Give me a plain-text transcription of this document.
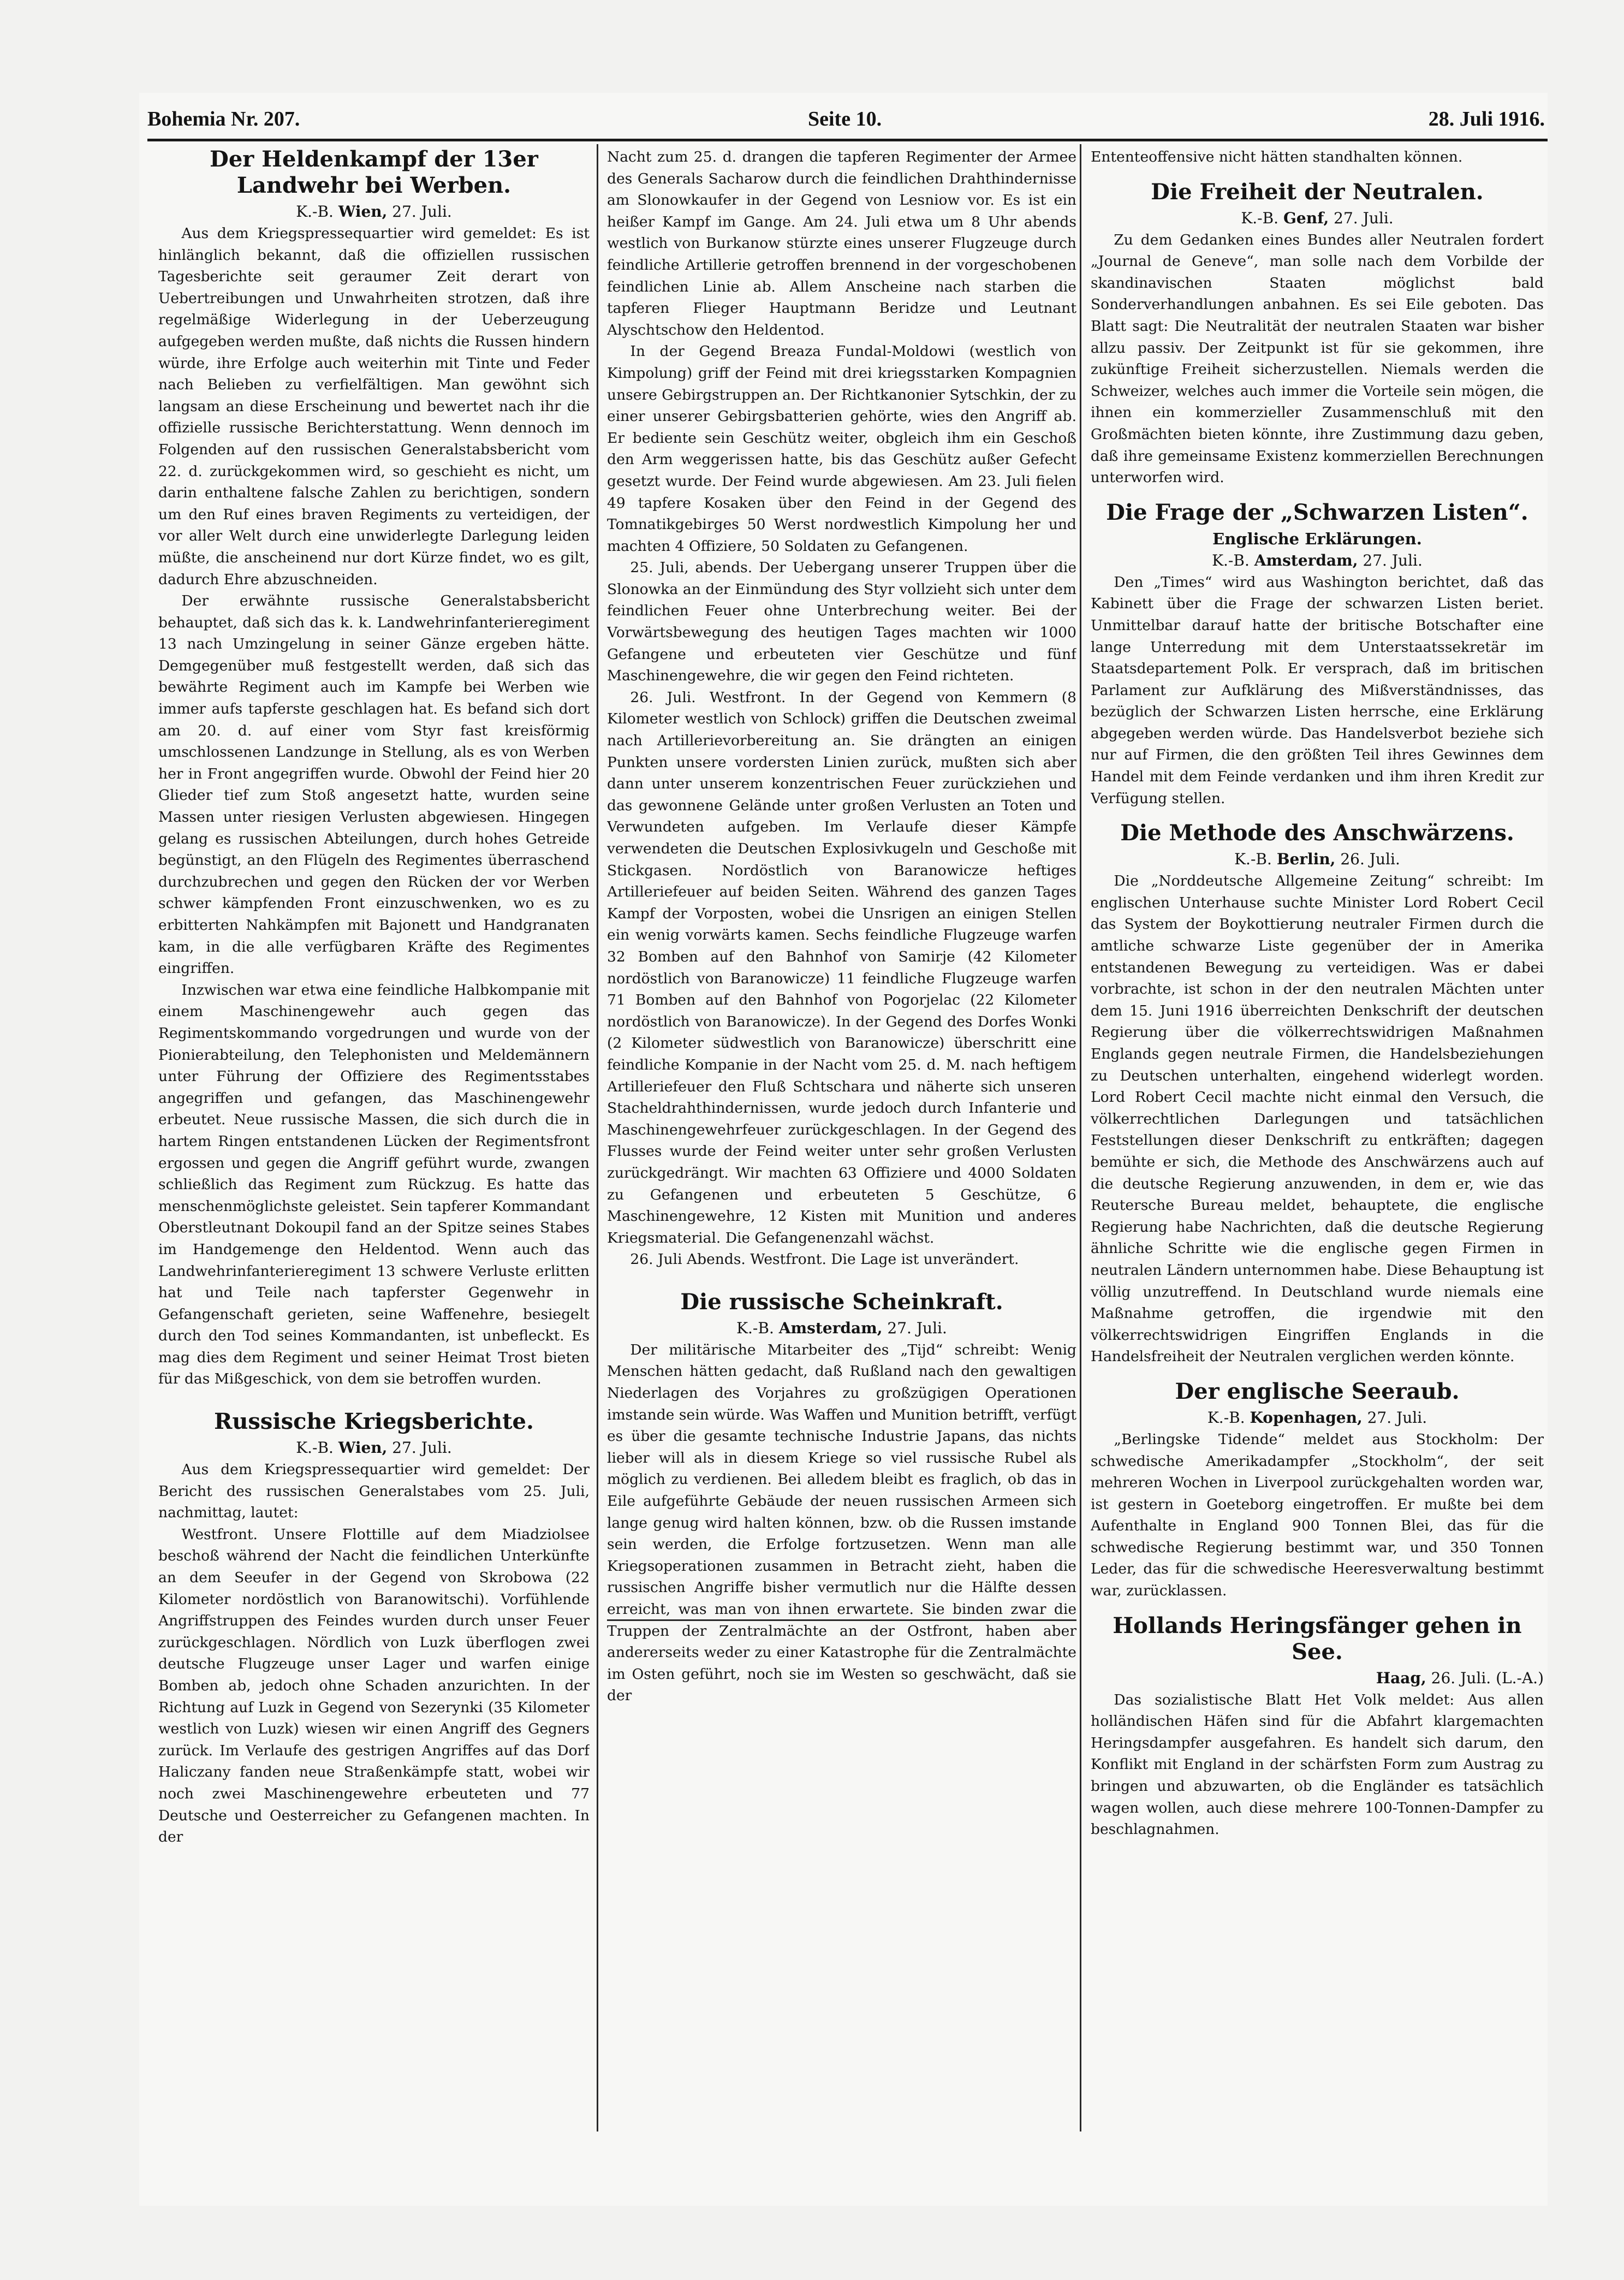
Bohemia Nr. 207.	Seite 10.	28. Juli 1916.
Der Heldenkampf der 13er Landwehr bei Werben.
K.-B. Wien, 27. Juli.

Aus dem Kriegspressequartier wird gemeldet: Es ist hinlänglich bekannt, daß die offiziellen russischen Tagesberichte seit geraumer Zeit derart von Uebertreibungen und Unwahrheiten strotzen, daß ihre regelmäßige Widerlegung in der Ueberzeugung aufgegeben werden mußte, daß nichts die Russen hindern würde, ihre Erfolge auch weiterhin mit Tinte und Feder nach Belieben zu verfielfältigen. Man gewöhnt sich langsam an diese Erscheinung und bewertet nach ihr die offizielle russische Berichterstattung. Wenn dennoch im Folgenden auf den russischen Generalstabsbericht vom 22. d. zurückgekommen wird, so geschieht es nicht, um darin enthaltene falsche Zahlen zu berichtigen, sondern um den Ruf eines braven Regiments zu verteidigen, der vor aller Welt durch eine unwiderlegte Darlegung leiden müßte, die anscheinend nur dort Kürze findet, wo es gilt, dadurch Ehre abzuschneiden.

Der erwähnte russische Generalstabsbericht behauptet, daß sich das k. k. Landwehrinfanterieregiment 13 nach Umzingelung in seiner Gänze ergeben hätte. Demgegenüber muß festgestellt werden, daß sich das bewährte Regiment auch im Kampfe bei Werben wie immer aufs tapferste geschlagen hat. Es befand sich dort am 20. d. auf einer vom Styr fast kreisförmig umschlossenen Landzunge in Stellung, als es von Werben her in Front angegriffen wurde. Obwohl der Feind hier 20 Glieder tief zum Stoß angesetzt hatte, wurden seine Massen unter riesigen Verlusten abgewiesen. Hingegen gelang es russischen Abteilungen, durch hohes Getreide begünstigt, an den Flügeln des Regimentes überraschend durchzubrechen und gegen den Rücken der vor Werben schwer kämpfenden Front einzuschwenken, wo es zu erbitterten Nahkämpfen mit Bajonett und Handgranaten kam, in die alle verfügbaren Kräfte des Regimentes eingriffen.

Inzwischen war etwa eine feindliche Halbkompanie mit einem Maschinengewehr auch gegen das Regimentskommando vorgedrungen und wurde von der Pionierabteilung, den Telephonisten und Meldemännern unter Führung der Offiziere des Regimentsstabes angegriffen und gefangen, das Maschinengewehr erbeutet. Neue russische Massen, die sich durch die in hartem Ringen entstandenen Lücken der Regimentsfront ergossen und gegen die Angriff geführt wurde, zwangen schließlich das Regiment zum Rückzug. Es hatte das menschenmöglichste geleistet. Sein tapferer Kommandant Oberstleutnant Dokoupil fand an der Spitze seines Stabes im Handgemenge den Heldentod. Wenn auch das Landwehrinfanterieregiment 13 schwere Verluste erlitten hat und Teile nach tapferster Gegenwehr in Gefangenschaft gerieten, seine Waffenehre, besiegelt durch den Tod seines Kommandanten, ist unbefleckt. Es mag dies dem Regiment und seiner Heimat Trost bieten für das Mißgeschick, von dem sie betroffen wurden.

Russische Kriegsberichte.
K.-B. Wien, 27. Juli.

Aus dem Kriegspressequartier wird gemeldet: Der Bericht des russischen Generalstabes vom 25. Juli, nachmittag, lautet:

Westfront. Unsere Flottille auf dem Miadziolsee beschoß während der Nacht die feindlichen Unterkünfte an dem Seeufer in der Gegend von Skrobowa (22 Kilometer nordöstlich von Baranowitschi). Vorfühlende Angriffstruppen des Feindes wurden durch unser Feuer zurückgeschlagen. Nördlich von Luzk überflogen zwei deutsche Flugzeuge unser Lager und warfen einige Bomben ab, jedoch ohne Schaden anzurichten. In der Richtung auf Luzk in Gegend von Sezerynki (35 Kilometer westlich von Luzk) wiesen wir einen Angriff des Gegners zurück. Im Verlaufe des gestrigen Angriffes auf das Dorf Haliczany fanden neue Straßenkämpfe statt, wobei wir noch zwei Maschinengewehre erbeuteten und 77 Deutsche und Oesterreicher zu Gefangenen machten. In der

Nacht zum 25. d. drangen die tapferen Regimenter der Armee des Generals Sacharow durch die feindlichen Drahthindernisse am Slonowkaufer in der Gegend von Lesniow vor. Es ist ein heißer Kampf im Gange. Am 24. Juli etwa um 8 Uhr abends westlich von Burkanow stürzte eines unserer Flugzeuge durch feindliche Artillerie getroffen brennend in der vorgeschobenen feindlichen Linie ab. Allem Anscheine nach starben die tapferen Flieger Hauptmann Beridze und Leutnant Alyschtschow den Heldentod.

In der Gegend Breaza Fundal-Moldowi (westlich von Kimpolung) griff der Feind mit drei kriegsstarken Kompagnien unsere Gebirgstruppen an. Der Richtkanonier Sytschkin, der zu einer unserer Gebirgsbatterien gehörte, wies den Angriff ab. Er bediente sein Geschütz weiter, obgleich ihm ein Geschoß den Arm weggerissen hatte, bis das Geschütz außer Gefecht gesetzt wurde. Der Feind wurde abgewiesen. Am 23. Juli fielen 49 tapfere Kosaken über den Feind in der Gegend des Tomnatikgebirges 50 Werst nordwestlich Kimpolung her und machten 4 Offiziere, 50 Soldaten zu Gefangenen.

25. Juli, abends. Der Uebergang unserer Truppen über die Slonowka an der Einmündung des Styr vollzieht sich unter dem feindlichen Feuer ohne Unterbrechung weiter. Bei der Vorwärtsbewegung des heutigen Tages machten wir 1000 Gefangene und erbeuteten vier Geschütze und fünf Maschinengewehre, die wir gegen den Feind richteten.

26. Juli. Westfront. In der Gegend von Kemmern (8 Kilometer westlich von Schlock) griffen die Deutschen zweimal nach Artillerievorbereitung an. Sie drängten an einigen Punkten unsere vordersten Linien zurück, mußten sich aber dann unter unserem konzentrischen Feuer zurückziehen und das gewonnene Gelände unter großen Verlusten an Toten und Verwundeten aufgeben. Im Verlaufe dieser Kämpfe verwendeten die Deutschen Explosivkugeln und Geschoße mit Stickgasen. Nordöstlich von Baranowicze heftiges Artilleriefeuer auf beiden Seiten. Während des ganzen Tages Kampf der Vorposten, wobei die Unsrigen an einigen Stellen ein wenig vorwärts kamen. Sechs feindliche Flugzeuge warfen 32 Bomben auf den Bahnhof von Samirje (42 Kilometer nordöstlich von Baranowicze) 11 feindliche Flugzeuge warfen 71 Bomben auf den Bahnhof von Pogorjelac (22 Kilometer nordöstlich von Baranowicze). In der Gegend des Dorfes Wonki (2 Kilometer südwestlich von Baranowicze) überschritt eine feindliche Kompanie in der Nacht vom 25. d. M. nach heftigem Artilleriefeuer den Fluß Schtschara und näherte sich unseren Stacheldrahthindernissen, wurde jedoch durch Infanterie und Maschinengewehrfeuer zurückgeschlagen. In der Gegend des Flusses wurde der Feind weiter unter sehr großen Verlusten zurückgedrängt. Wir machten 63 Offiziere und 4000 Soldaten zu Gefangenen und erbeuteten 5 Geschütze, 6 Maschinengewehre, 12 Kisten mit Munition und anderes Kriegsmaterial. Die Gefangenenzahl wächst.

26. Juli Abends. Westfront. Die Lage ist unverändert.

Die russische Scheinkraft.
K.-B. Amsterdam, 27. Juli.

Der militärische Mitarbeiter des „Tijd“ schreibt: Wenig Menschen hätten gedacht, daß Rußland nach den gewaltigen Niederlagen des Vorjahres zu großzügigen Operationen imstande sein würde. Was Waffen und Munition betrifft, verfügt es über die gesamte technische Industrie Japans, das nichts lieber will als in diesem Kriege so viel russische Rubel als möglich zu verdienen. Bei alledem bleibt es fraglich, ob das in Eile aufgeführte Gebäude der neuen russischen Armeen sich lange genug wird halten können, bzw. ob die Russen imstande sein werden, die Erfolge fortzusetzen. Wenn man alle Kriegsoperationen zusammen in Betracht zieht, haben die russischen Angriffe bisher vermutlich nur die Hälfte dessen erreicht, was man von ihnen erwartete. Sie binden zwar die Truppen der Zentralmächte an der Ostfront, haben aber andererseits weder zu einer Katastrophe für die Zentralmächte im Osten geführt, noch sie im Westen so geschwächt, daß sie der

Ententeoffensive nicht hätten standhalten können.

Die Freiheit der Neutralen.
K.-B. Genf, 27. Juli.

Zu dem Gedanken eines Bundes aller Neutralen fordert „Journal de Geneve“, man solle nach dem Vorbilde der skandinavischen Staaten möglichst bald Sonderverhandlungen anbahnen. Es sei Eile geboten. Das Blatt sagt: Die Neutralität der neutralen Staaten war bisher allzu passiv. Der Zeitpunkt ist für sie gekommen, ihre zukünftige Freiheit sicherzustellen. Niemals werden die Schweizer, welches auch immer die Vorteile sein mögen, die ihnen ein kommerzieller Zusammenschluß mit den Großmächten bieten könnte, ihre Zustimmung dazu geben, daß ihre gemeinsame Existenz kommerziellen Berechnungen unterworfen wird.

Die Frage der „Schwarzen Listen“.
Englische Erklärungen.
K.-B. Amsterdam, 27. Juli.

Den „Times“ wird aus Washington berichtet, daß das Kabinett über die Frage der schwarzen Listen beriet. Unmittelbar darauf hatte der britische Botschafter eine lange Unterredung mit dem Unterstaatssekretär im Staatsdepartement Polk. Er versprach, daß im britischen Parlament zur Aufklärung des Mißverständnisses, das bezüglich der Schwarzen Listen herrsche, eine Erklärung abgegeben werden würde. Das Handelsverbot beziehe sich nur auf Firmen, die den größten Teil ihres Gewinnes dem Handel mit dem Feinde verdanken und ihm ihren Kredit zur Verfügung stellen.

Die Methode des Anschwärzens.
K.-B. Berlin, 26. Juli.

Die „Norddeutsche Allgemeine Zeitung“ schreibt: Im englischen Unterhause suchte Minister Lord Robert Cecil das System der Boykottierung neutraler Firmen durch die amtliche schwarze Liste gegenüber der in Amerika entstandenen Bewegung zu verteidigen. Was er dabei vorbrachte, ist schon in der den neutralen Mächten unter dem 15. Juni 1916 überreichten Denkschrift der deutschen Regierung über die völkerrechtswidrigen Maßnahmen Englands gegen neutrale Firmen, die Handelsbeziehungen zu Deutschen unterhalten, eingehend widerlegt worden. Lord Robert Cecil machte nicht einmal den Versuch, die völkerrechtlichen Darlegungen und tatsächlichen Feststellungen dieser Denkschrift zu entkräften; dagegen bemühte er sich, die Methode des Anschwärzens auch auf die deutsche Regierung anzuwenden, in dem er, wie das Reutersche Bureau meldet, behauptete, die englische Regierung habe Nachrichten, daß die deutsche Regierung ähnliche Schritte wie die englische gegen Firmen in neutralen Ländern unternommen habe. Diese Behauptung ist völlig unzutreffend. In Deutschland wurde niemals eine Maßnahme getroffen, die irgendwie mit den völkerrechtswidrigen Eingriffen Englands in die Handelsfreiheit der Neutralen verglichen werden könnte.

Der englische Seeraub.
K.-B. Kopenhagen, 27. Juli.

„Berlingske Tidende“ meldet aus Stockholm: Der schwedische Amerikadampfer „Stockholm“, der seit mehreren Wochen in Liverpool zurückgehalten worden war, ist gestern in Goeteborg eingetroffen. Er mußte bei dem Aufenthalte in England 900 Tonnen Blei, das für die schwedische Regierung bestimmt war, und 350 Tonnen Leder, das für die schwedische Heeresverwaltung bestimmt war, zurücklassen.

Hollands Heringsfänger gehen in See.
Haag, 26. Juli. (L.-A.)

Das sozialistische Blatt Het Volk meldet: Aus allen holländischen Häfen sind für die Abfahrt klargemachten Heringsdampfer ausgefahren. Es handelt sich darum, den Konflikt mit England in der schärfsten Form zum Austrag zu bringen und abzuwarten, ob die Engländer es tatsächlich wagen wollen, auch diese mehrere 100-Tonnen-Dampfer zu beschlagnahmen.
